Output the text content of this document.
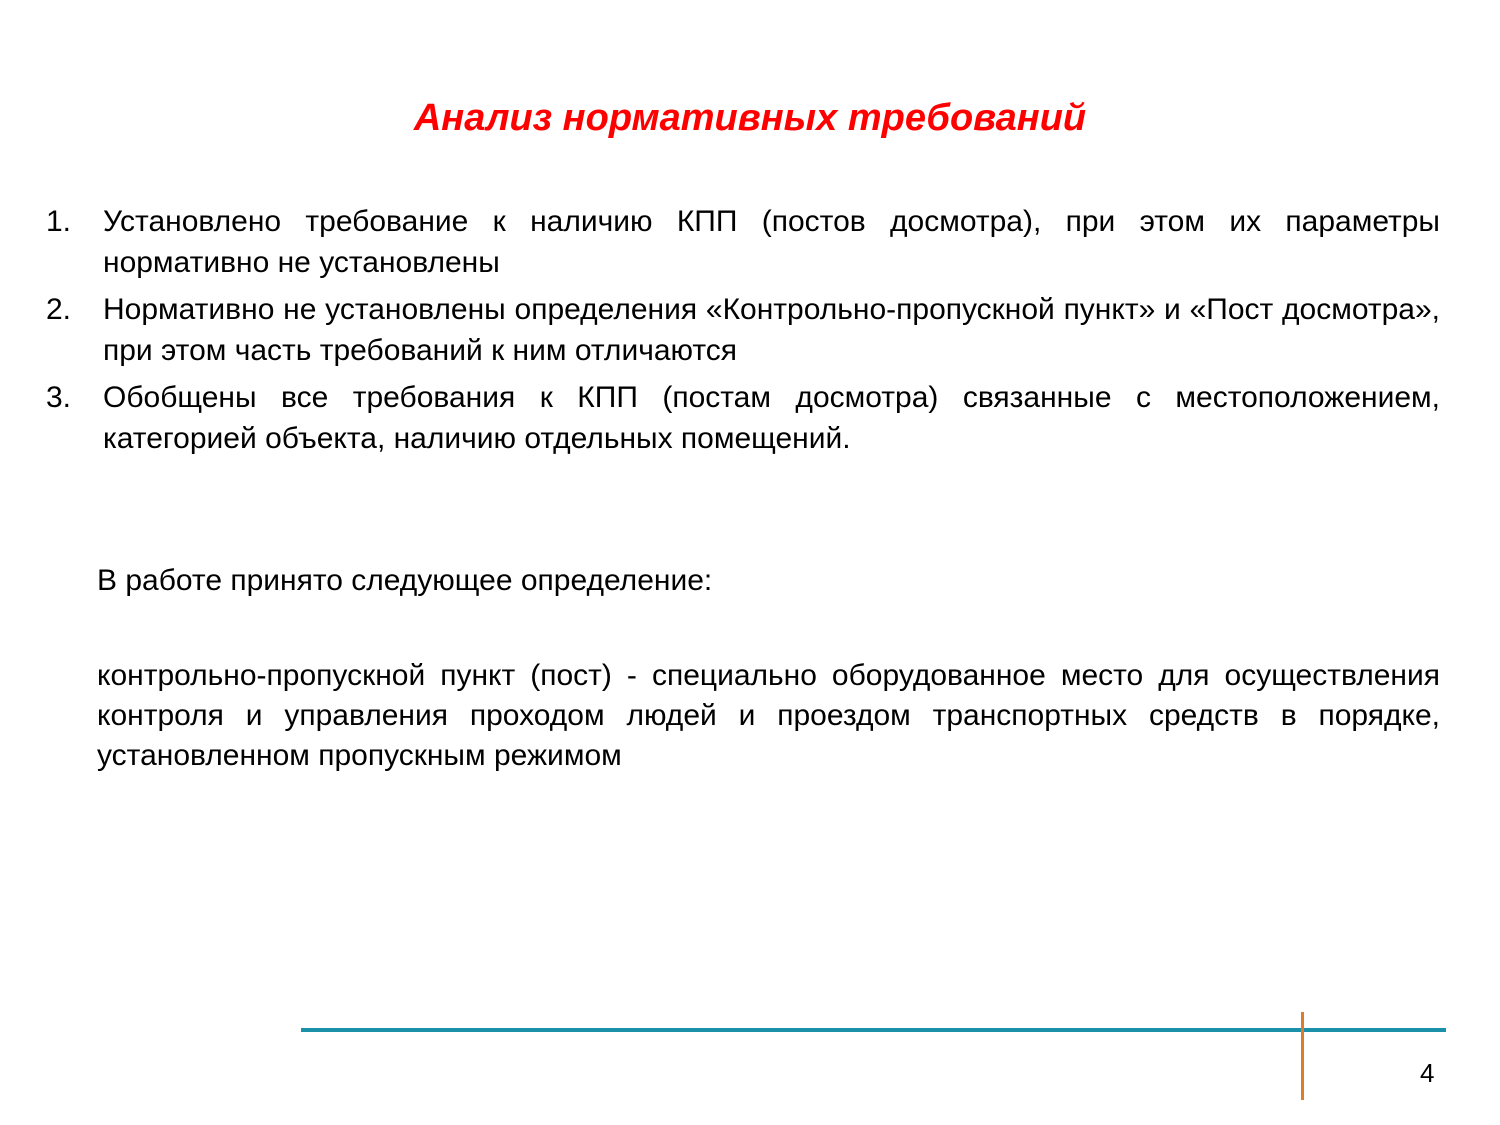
Анализ нормативных требований
1. Установлено требование к наличию КПП (постов досмотра), при этом их параметры нормативно не установлены
2. Нормативно не установлены определения «Контрольно-пропускной пункт» и «Пост досмотра», при этом часть требований к ним отличаются
3. Обобщены все требования к КПП (постам досмотра) связанные с местоположением, категорией объекта, наличию отдельных помещений.

В работе принято следующее определение:

контрольно-пропускной пункт (пост) - специально оборудованное место для осуществления контроля и управления проходом людей и проездом транспортных средств в порядке, установленном пропускным режимом

4
